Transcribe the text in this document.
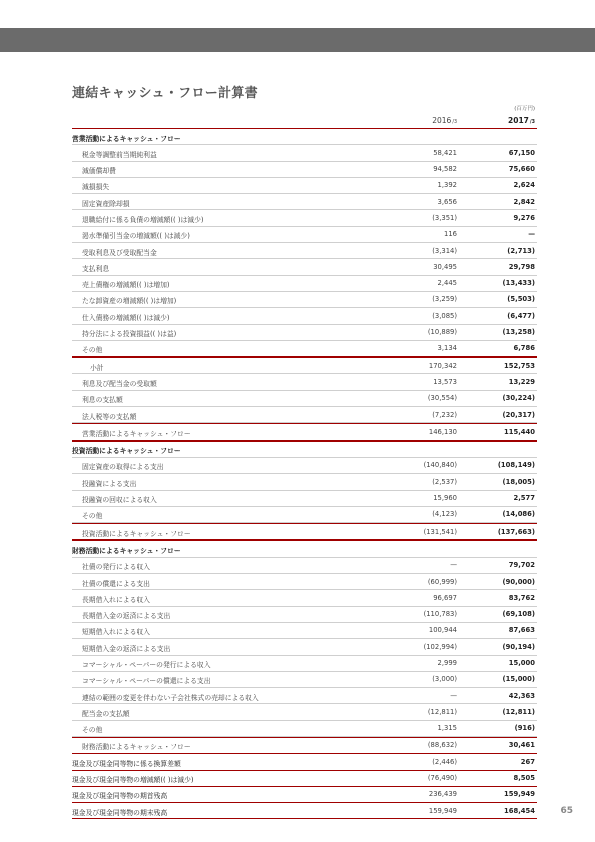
連結キャッシュ・フロー計算書
(百万円)
2016/3	2017/3
営業活動によるキャッシュ・フロー
税金等調整前当期純利益	58,421	67,150
減価償却費	94,582	75,660
減損損失	1,392	2,624
固定資産除却損	3,656	2,842
退職給付に係る負債の増減額(( )は減少)	(3,351)	9,276
渇水準備引当金の増減額(( )は減少)	116	—
受取利息及び受取配当金	(3,314)	(2,713)
支払利息	30,495	29,798
売上債権の増減額(( )は増加)	2,445	(13,433)
たな卸資産の増減額(( )は増加)	(3,259)	(5,503)
仕入債務の増減額(( )は減少)	(3,085)	(6,477)
持分法による投資損益(( )は益)	(10,889)	(13,258)
その他	3,134	6,786
小計	170,342	152,753
利息及び配当金の受取額	13,573	13,229
利息の支払額	(30,554)	(30,224)
法人税等の支払額	(7,232)	(20,317)
営業活動によるキャッシュ・フロー	146,130	115,440
投資活動によるキャッシュ・フロー
固定資産の取得による支出	(140,840)	(108,149)
投融資による支出	(2,537)	(18,005)
投融資の回収による収入	15,960	2,577
その他	(4,123)	(14,086)
投資活動によるキャッシュ・フロー	(131,541)	(137,663)
財務活動によるキャッシュ・フロー
社債の発行による収入	—	79,702
社債の償還による支出	(60,999)	(90,000)
長期借入れによる収入	96,697	83,762
長期借入金の返済による支出	(110,783)	(69,108)
短期借入れによる収入	100,944	87,663
短期借入金の返済による支出	(102,994)	(90,194)
コマーシャル・ペーパーの発行による収入	2,999	15,000
コマーシャル・ペーパーの償還による支出	(3,000)	(15,000)
連結の範囲の変更を伴わない子会社株式の売却による収入	—	42,363
配当金の支払額	(12,811)	(12,811)
その他	1,315	(916)
財務活動によるキャッシュ・フロー	(88,632)	30,461
現金及び現金同等物に係る換算差額	(2,446)	267
現金及び現金同等物の増減額(( )は減少)	(76,490)	8,505
現金及び現金同等物の期首残高	236,439	159,949
現金及び現金同等物の期末残高	159,949	168,454	65
